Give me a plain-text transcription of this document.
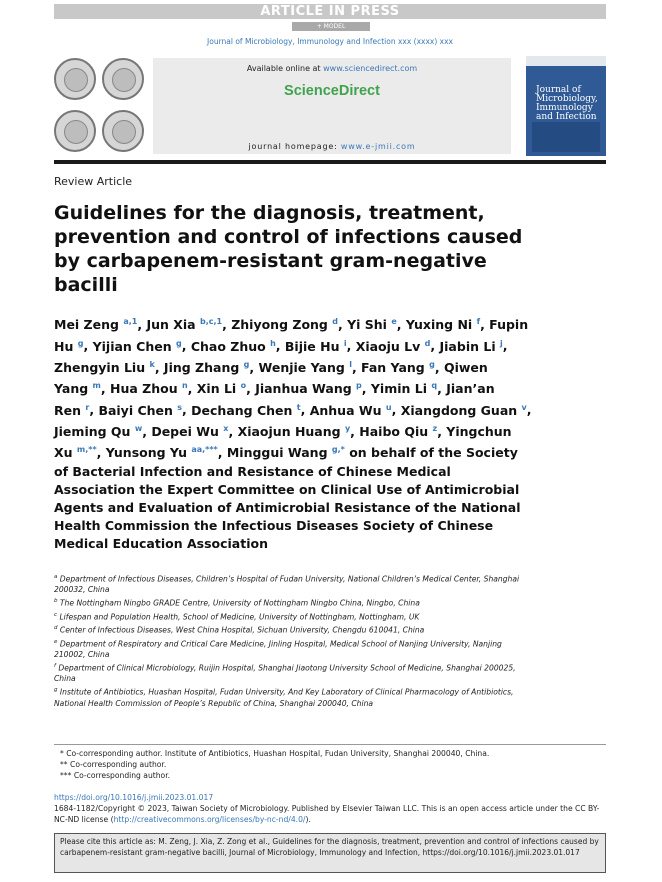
ARTICLE IN PRESS
+ MODEL
Journal of Microbiology, Immunology and Infection xxx (xxxx) xxx
Available online at www.sciencedirect.com
ScienceDirect
journal homepage: www.e-jmii.com
Journal of Microbiology, Immunology and Infection
Review Article
Guidelines for the diagnosis, treatment, prevention and control of infections caused by carbapenem-resistant gram-negative bacilli
Mei Zeng $^{a,1}$, Jun Xia $^{b,c,1}$, Zhiyong Zong $^d$, Yi Shi $^e$, Yuxing Ni $^f$, Fupin Hu $^g$, Yijian Chen $^g$, Chao Zhuo $^h$, Bijie Hu $^i$, Xiaoju Lv $^d$, Jiabin Li $^j$, Zhengyin Liu $^k$, Jing Zhang $^g$, Wenjie Yang $^l$, Fan Yang $^g$, Qiwen Yang $^m$, Hua Zhou $^n$, Xin Li $^o$, Jianhua Wang $^p$, Yimin Li $^q$, Jian’an Ren $^r$, Baiyi Chen $^s$, Dechang Chen $^t$, Anhua Wu $^u$, Xiangdong Guan $^v$, Jieming Qu $^w$, Depei Wu $^x$, Xiaojun Huang $^y$, Haibo Qiu $^z$, Yingchun Xu $^{m,**}$, Yunsong Yu $^{aa,***}$, Minggui Wang $^{g,*}$ on behalf of the Society of Bacterial Infection and Resistance of Chinese Medical Association the Expert Committee on Clinical Use of Antimicrobial Agents and Evaluation of Antimicrobial Resistance of the National Health Commission the Infectious Diseases Society of Chinese Medical Education Association

$^a$ Department of Infectious Diseases, Children’s Hospital of Fudan University, National Children’s Medical Center, Shanghai 200032, China

$^b$ The Nottingham Ningbo GRADE Centre, University of Nottingham Ningbo China, Ningbo, China

$^c$ Lifespan and Population Health, School of Medicine, University of Nottingham, Nottingham, UK

$^d$ Center of Infectious Diseases, West China Hospital, Sichuan University, Chengdu 610041, China

$^e$ Department of Respiratory and Critical Care Medicine, Jinling Hospital, Medical School of Nanjing University, Nanjing 210002, China

$^f$ Department of Clinical Microbiology, Ruijin Hospital, Shanghai Jiaotong University School of Medicine, Shanghai 200025, China

$^g$ Institute of Antibiotics, Huashan Hospital, Fudan University, And Key Laboratory of Clinical Pharmacology of Antibiotics, National Health Commission of People’s Republic of China, Shanghai 200040, China

* Co-corresponding author. Institute of Antibiotics, Huashan Hospital, Fudan University, Shanghai 200040, China.

** Co-corresponding author.

*** Co-corresponding author.

https://doi.org/10.1016/j.jmii.2023.01.017
1684-1182/Copyright © 2023, Taiwan Society of Microbiology. Published by Elsevier Taiwan LLC. This is an open access article under the CC BY-NC-ND license (http://creativecommons.org/licenses/by-nc-nd/4.0/).
Please cite this article as: M. Zeng, J. Xia, Z. Zong et al., Guidelines for the diagnosis, treatment, prevention and control of infections caused by carbapenem-resistant gram-negative bacilli, Journal of Microbiology, Immunology and Infection, https://doi.org/10.1016/j.jmii.2023.01.017
